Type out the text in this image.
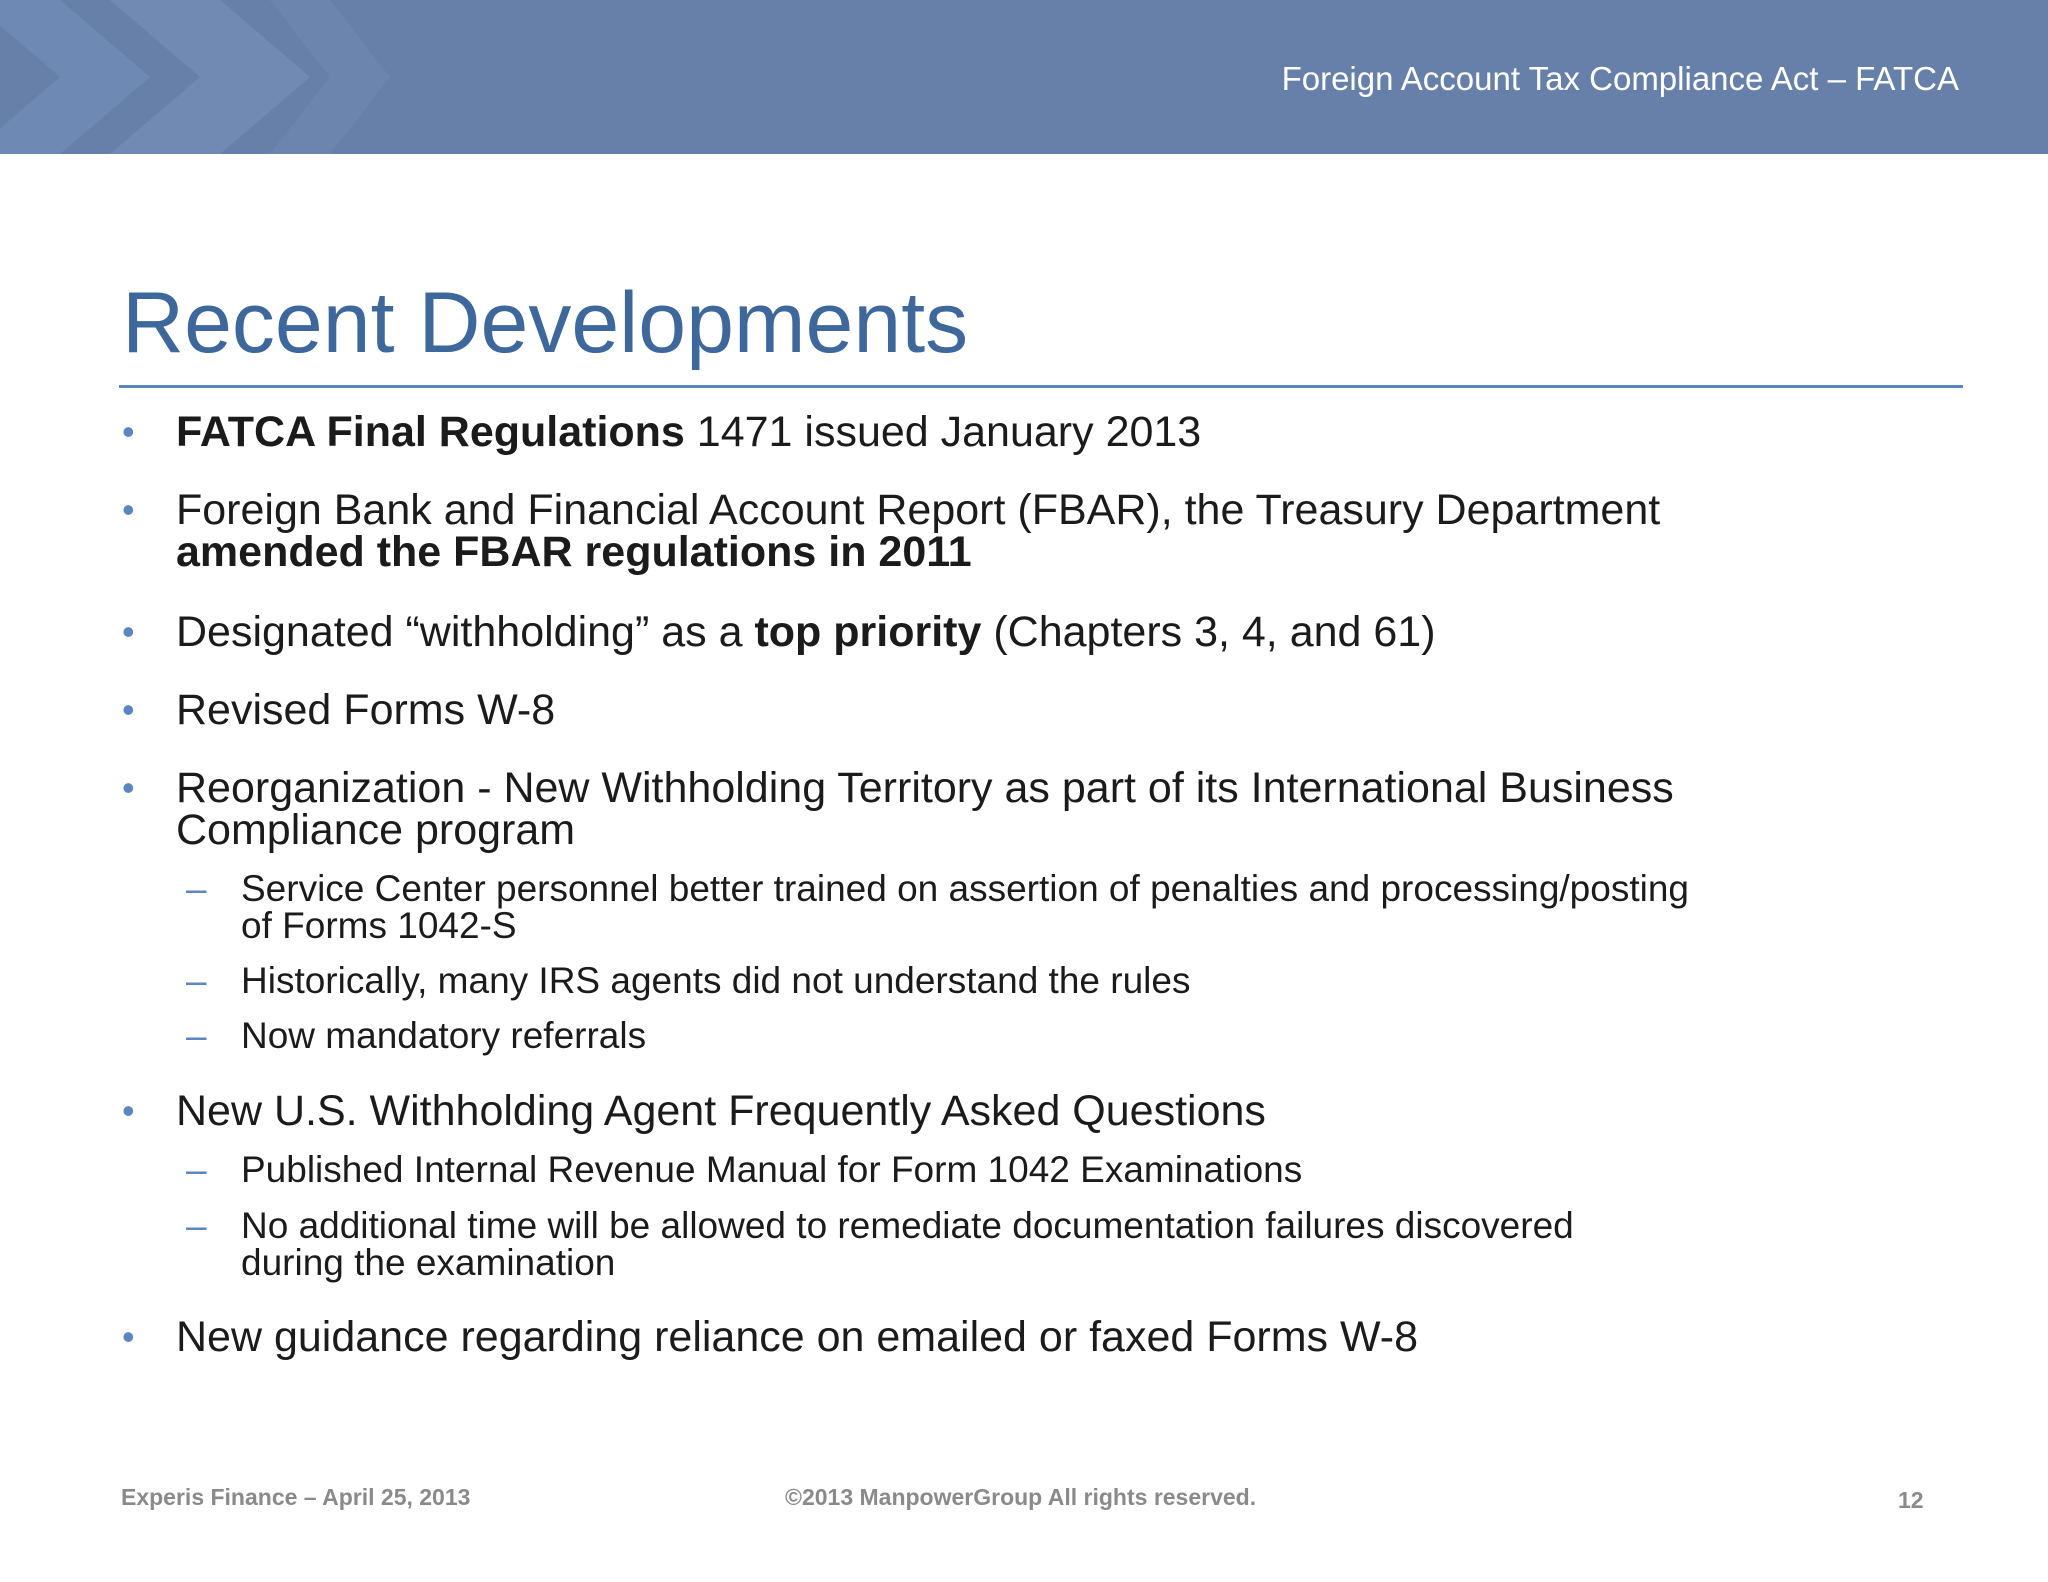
Foreign Account Tax Compliance Act – FATCA
Recent Developments
• FATCA Final Regulations 1471 issued January 2013
• Foreign Bank and Financial Account Report (FBAR), the Treasury Department
amended the FBAR regulations in 2011
• Designated “withholding” as a top priority (Chapters 3, 4, and 61)
• Revised Forms W-8
• Reorganization - New Withholding Territory as part of its International Business
Compliance program
– Service Center personnel better trained on assertion of penalties and processing/posting
of Forms 1042-S
– Historically, many IRS agents did not understand the rules
– Now mandatory referrals
• New U.S. Withholding Agent Frequently Asked Questions
– Published Internal Revenue Manual for Form 1042 Examinations
– No additional time will be allowed to remediate documentation failures discovered
during the examination
• New guidance regarding reliance on emailed or faxed Forms W-8
Experis Finance – April 25, 2013	©2013 ManpowerGroup All rights reserved.	12
